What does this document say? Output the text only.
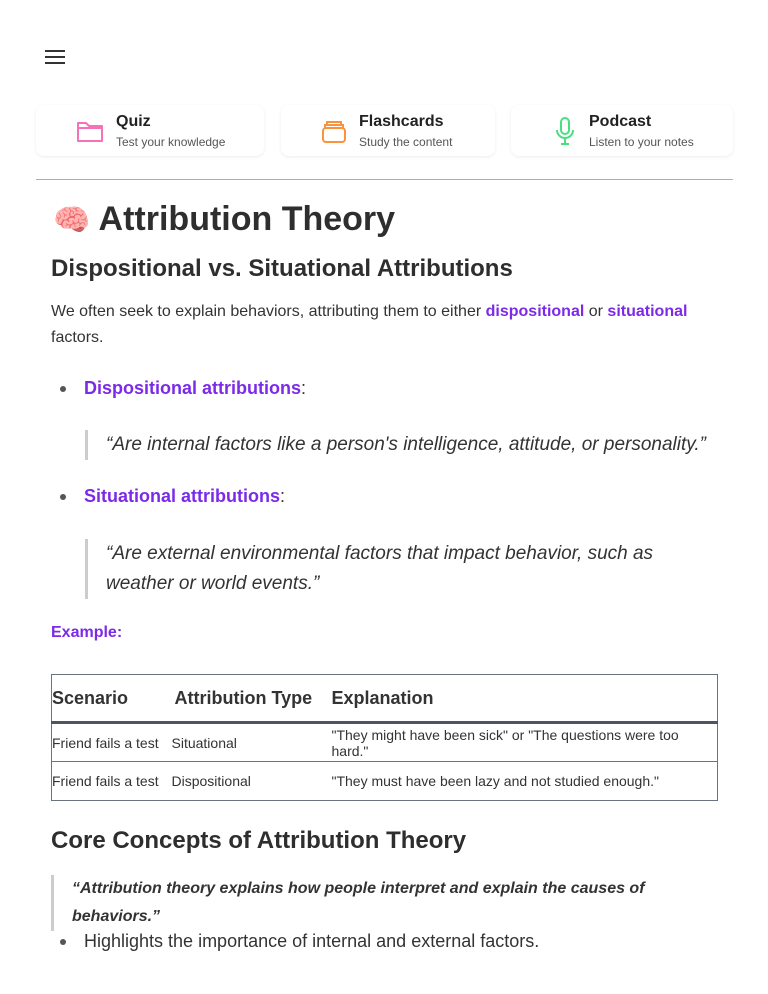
Quiz
Test your knowledge
Flashcards
Study the content
Podcast
Listen to your notes
🧠 Attribution Theory
Dispositional vs. Situational Attributions

We often seek to explain behaviors, attributing them to either dispositional or situational
factors.

Dispositional attributions:
“Are internal factors like a person's intelligence, attitude, or personality.”
Situational attributions:
“Are external environmental factors that impact behavior, such as weather or world events.”
Example:
Scenario	Attribution Type	Explanation
Friend fails a test	Situational	"They might have been sick" or "The questions were too hard."
Friend fails a test	Dispositional	"They must have been lazy and not studied enough."
Core Concepts of Attribution Theory
“Attribution theory explains how people interpret and explain the causes of behaviors.”
Highlights the importance of internal and external factors.
